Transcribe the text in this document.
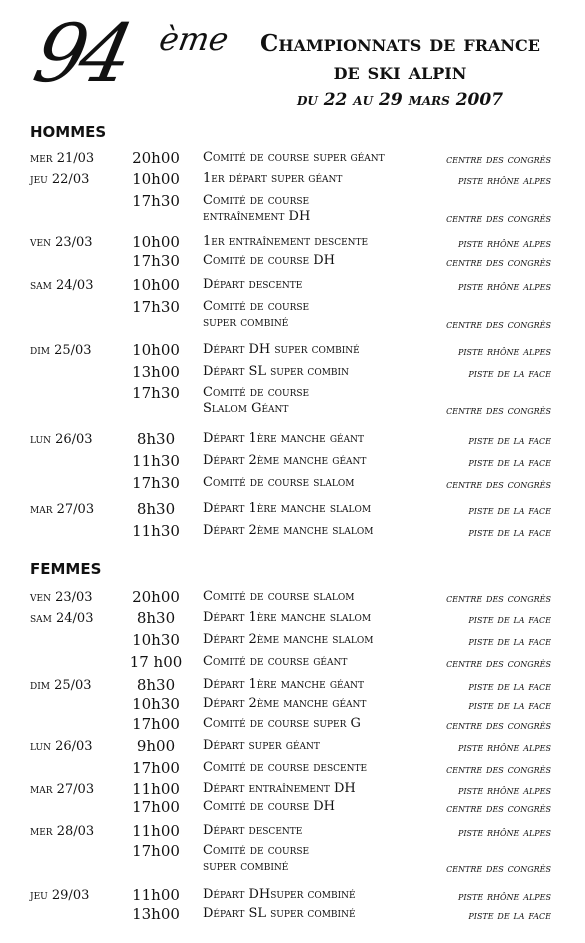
94 ème	Championnats de france
de ski alpin
du 22 au 29 mars 2007
HOMMES
mer 21/03	20h00	Comité de course super géant	centre des congrès
jeu 22/03	10h00	1er départ super géant	piste rhône alpes
17h30	Comité de course
entraînement DH	centre des congrès
ven 23/03	10h00	1er entraînement descente	piste rhône alpes
17h30	Comité de course DH	centre des congrès
sam 24/03	10h00	Départ descente	piste rhône alpes
17h30	Comité de course
super combiné	centre des congrès
dim 25/03	10h00	Départ DH super combiné	piste rhône alpes
13h00	Départ SL super combin	piste de la face
17h30	Comité de course
Slalom Géant	centre des congrès
lun 26/03	8h30	Départ 1ère manche géant	piste de la face
11h30	Départ 2ème manche géant	piste de la face
17h30	Comité de course slalom	centre des congrès
mar 27/03	8h30	Départ 1ère manche slalom	piste de la face
11h30	Départ 2ème manche slalom	piste de la face
FEMMES
ven 23/03	20h00	Comité de course slalom	centre des congrès
sam 24/03	8h30	Départ 1ère manche slalom	piste de la face
10h30	Départ 2ème manche slalom	piste de la face
17 h00	Comité de course géant	centre des congrès
dim 25/03	8h30	Départ 1ère manche géant	piste de la face
10h30	Départ 2ème manche géant	piste de la face
17h00	Comité de course super G	centre des congrès
lun 26/03	9h00	Départ super géant	piste rhône alpes
17h00	Comité de course descente	centre des congrès
mar 27/03	11h00	Départ entraînement DH	piste rhône alpes
17h00	Comité de course DH	centre des congrès
mer 28/03	11h00	Départ descente	piste rhône alpes
17h00	Comité de course
super combiné	centre des congrès
jeu 29/03	11h00	Départ DHsuper combiné	piste rhône alpes
13h00	Départ SL super combiné	piste de la face
